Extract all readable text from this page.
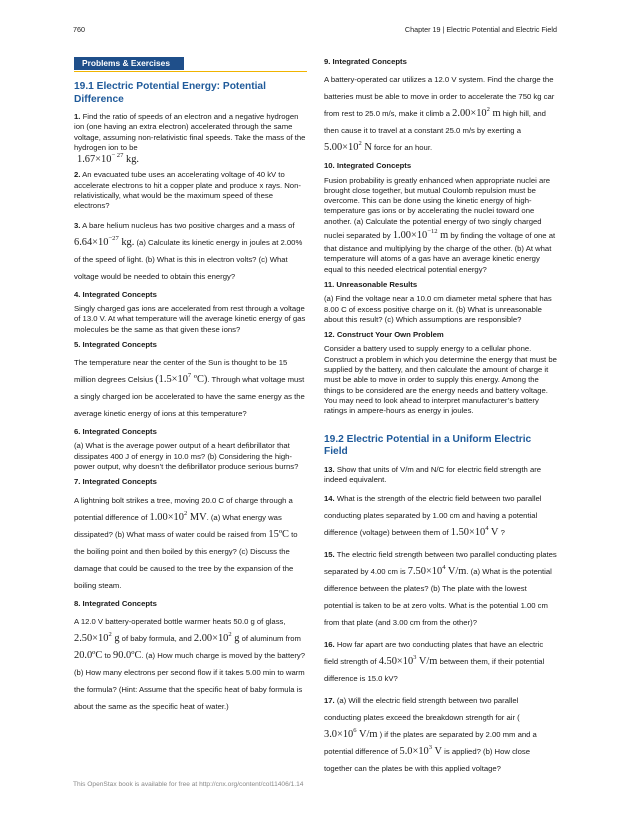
760	Chapter 19 | Electric Potential and Electric Field
Problems & Exercises
19.1 Electric Potential Energy: Potential Difference
1. Find the ratio of speeds of an electron and a negative hydrogen ion (one having an extra electron) accelerated through the same voltage, assuming non-relativistic final speeds. Take the mass of the hydrogen ion to be
$1.67\times 10^{- 27}$ kg.
2. An evacuated tube uses an accelerating voltage of 40 kV to accelerate electrons to hit a copper plate and produce x rays. Non-relativistically, what would be the maximum speed of these electrons?
3. A bare helium nucleus has two positive charges and a mass of $6.64\times 10^{-27}$ kg. (a) Calculate its kinetic energy in joules at 2.00% of the speed of light. (b) What is this in electron volts? (c) What voltage would be needed to obtain this energy?
4. Integrated Concepts
Singly charged gas ions are accelerated from rest through a voltage of 13.0 V. At what temperature will the average kinetic energy of gas molecules be the same as that given these ions?
5. Integrated Concepts
The temperature near the center of the Sun is thought to be 15 million degrees Celsius ($1.5\times 10^7$ ºC). Through what voltage must a singly charged ion be accelerated to have the same energy as the average kinetic energy of ions at this temperature?
6. Integrated Concepts
(a) What is the average power output of a heart defibrillator that dissipates 400 J of energy in 10.0 ms? (b) Considering the high-power output, why doesn’t the defibrillator produce serious burns?
7. Integrated Concepts
A lightning bolt strikes a tree, moving 20.0 C of charge through a potential difference of $1.00\times 10^2$ MV. (a) What energy was dissipated? (b) What mass of water could be raised from 15ºC to the boiling point and then boiled by this energy? (c) Discuss the damage that could be caused to the tree by the expansion of the boiling steam.
8. Integrated Concepts
A 12.0 V battery-operated bottle warmer heats 50.0 g of glass, $2.50\times 10^2$ g of baby formula, and $2.00\times 10^2$ g of aluminum from 20.0ºC to 90.0ºC. (a) How much charge is moved by the battery? (b) How many electrons per second flow if it takes 5.00 min to warm the formula? (Hint: Assume that the specific heat of baby formula is about the same as the specific heat of water.)
9. Integrated Concepts
A battery-operated car utilizes a 12.0 V system. Find the charge the batteries must be able to move in order to accelerate the 750 kg car from rest to 25.0 m/s, make it climb a $2.00\times 10^2$ m high hill, and then cause it to travel at a constant 25.0 m/s by exerting a $5.00\times 10^2$ N force for an hour.
10. Integrated Concepts
Fusion probability is greatly enhanced when appropriate nuclei are brought close together, but mutual Coulomb repulsion must be overcome. This can be done using the kinetic energy of high-temperature gas ions or by accelerating the nuclei toward one another. (a) Calculate the potential energy of two singly charged nuclei separated by $1.00\times 10^{-12}$ m by finding the voltage of one at that distance and multiplying by the charge of the other. (b) At what temperature will atoms of a gas have an average kinetic energy equal to this needed electrical potential energy?
11. Unreasonable Results
(a) Find the voltage near a 10.0 cm diameter metal sphere that has 8.00 C of excess positive charge on it. (b) What is unreasonable about this result? (c) Which assumptions are responsible?
12. Construct Your Own Problem
Consider a battery used to supply energy to a cellular phone. Construct a problem in which you determine the energy that must be supplied by the battery, and then calculate the amount of charge it must be able to move in order to supply this energy. Among the things to be considered are the energy needs and battery voltage. You may need to look ahead to interpret manufacturer’s battery ratings in ampere-hours as energy in joules.
19.2 Electric Potential in a Uniform Electric Field
13. Show that units of V/m and N/C for electric field strength are indeed equivalent.
14. What is the strength of the electric field between two parallel conducting plates separated by 1.00 cm and having a potential difference (voltage) between them of $1.50\times 10^4$ V ?
15. The electric field strength between two parallel conducting plates separated by 4.00 cm is $7.50\times 10^4$ V/m. (a) What is the potential difference between the plates? (b) The plate with the lowest potential is taken to be at zero volts. What is the potential 1.00 cm from that plate (and 3.00 cm from the other)?
16. How far apart are two conducting plates that have an electric field strength of $4.50\times 10^3$ V/m between them, if their potential difference is 15.0 kV?
17. (a) Will the electric field strength between two parallel conducting plates exceed the breakdown strength for air ( $3.0\times 10^6$ V/m ) if the plates are separated by 2.00 mm and a potential difference of $5.0\times 10^3$ V is applied? (b) How close together can the plates be with this applied voltage?
This OpenStax book is available for free at http://cnx.org/content/col11406/1.14
